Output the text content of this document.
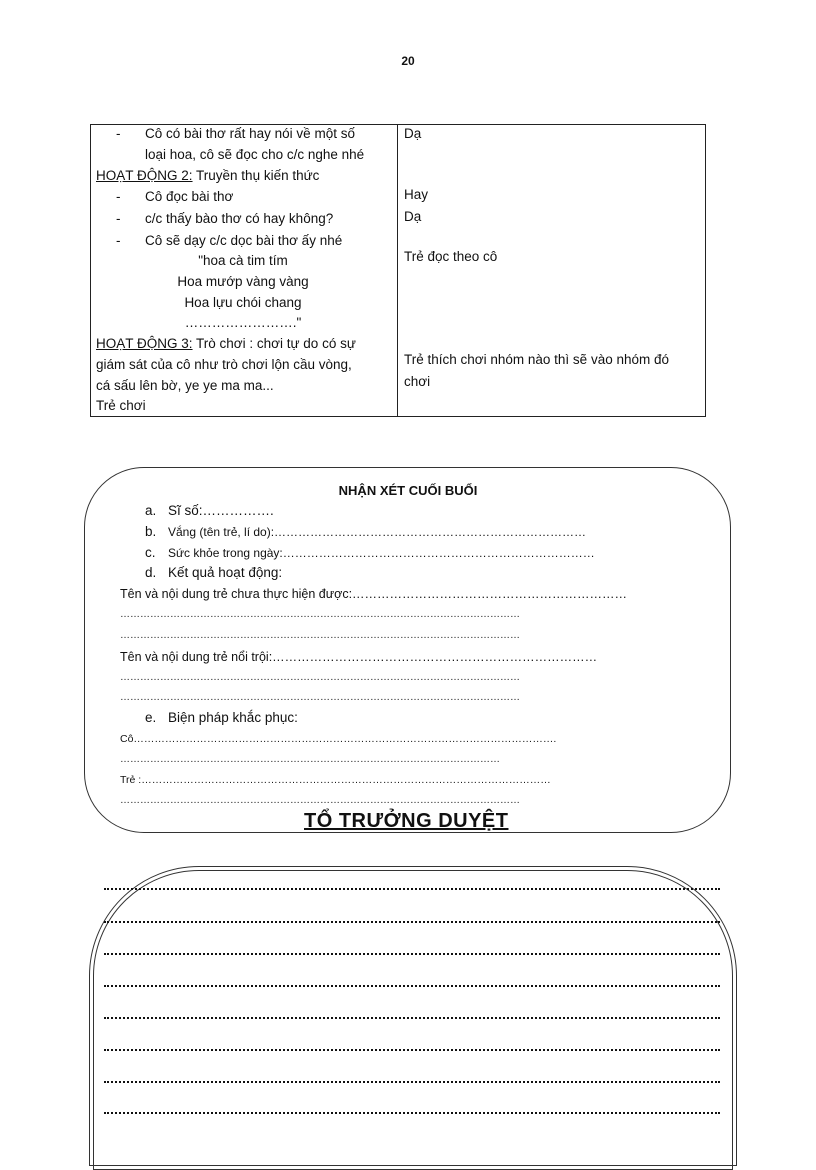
20
- Cô có bài thơ rất hay nói về một số
loại hoa, cô sẽ đọc cho c/c nghe nhé
HOẠT ĐỘNG 2: Truyền thụ kiến thức
- Cô đọc bài thơ
- c/c thấy bào thơ có hay không?
- Cô sẽ dạy c/c dọc bài thơ ấy nhé
"hoa cà tim tím
Hoa mướp vàng vàng
Hoa lựu chói chang
……………………."
HOẠT ĐỘNG 3: Trò chơi : chơi tự do có sự
giám sát của cô như trò chơi lộn cầu vòng,
cá sấu lên bờ, ye ye ma ma...
Trẻ chơi
Dạ
Hay
Dạ
Trẻ đọc theo cô
Trẻ thích chơi nhóm nào thì sẽ vào nhóm đó
chơi
NHẬN XÉT CUỐI BUỔI
a. Sĩ số:…………….
b. Vắng (tên trẻ, lí do):……………………………………………………………………
c. Sức khỏe trong ngày:……………………………………………………………………
d. Kết quả hoạt động:
Tên và nội dung trẻ chưa thực hiện được:…………………………………………………………
…………………………………………………………………………………………………………
…………………………………………………………………………………………………………
Tên và nội dung trẻ nổi trội:……………………………………………………………………
…………………………………………………………………………………………………………
…………………………………………………………………………………………………………
e. Biện pháp khắc phục:
Cô………………………………………………………………………………………………………….
……………………………………………………………………………………………………
Trẻ :………………………………………………………………………………………………………
…………………………………………………………………………………………………………
TỔ TRƯỞNG DUYỆT
